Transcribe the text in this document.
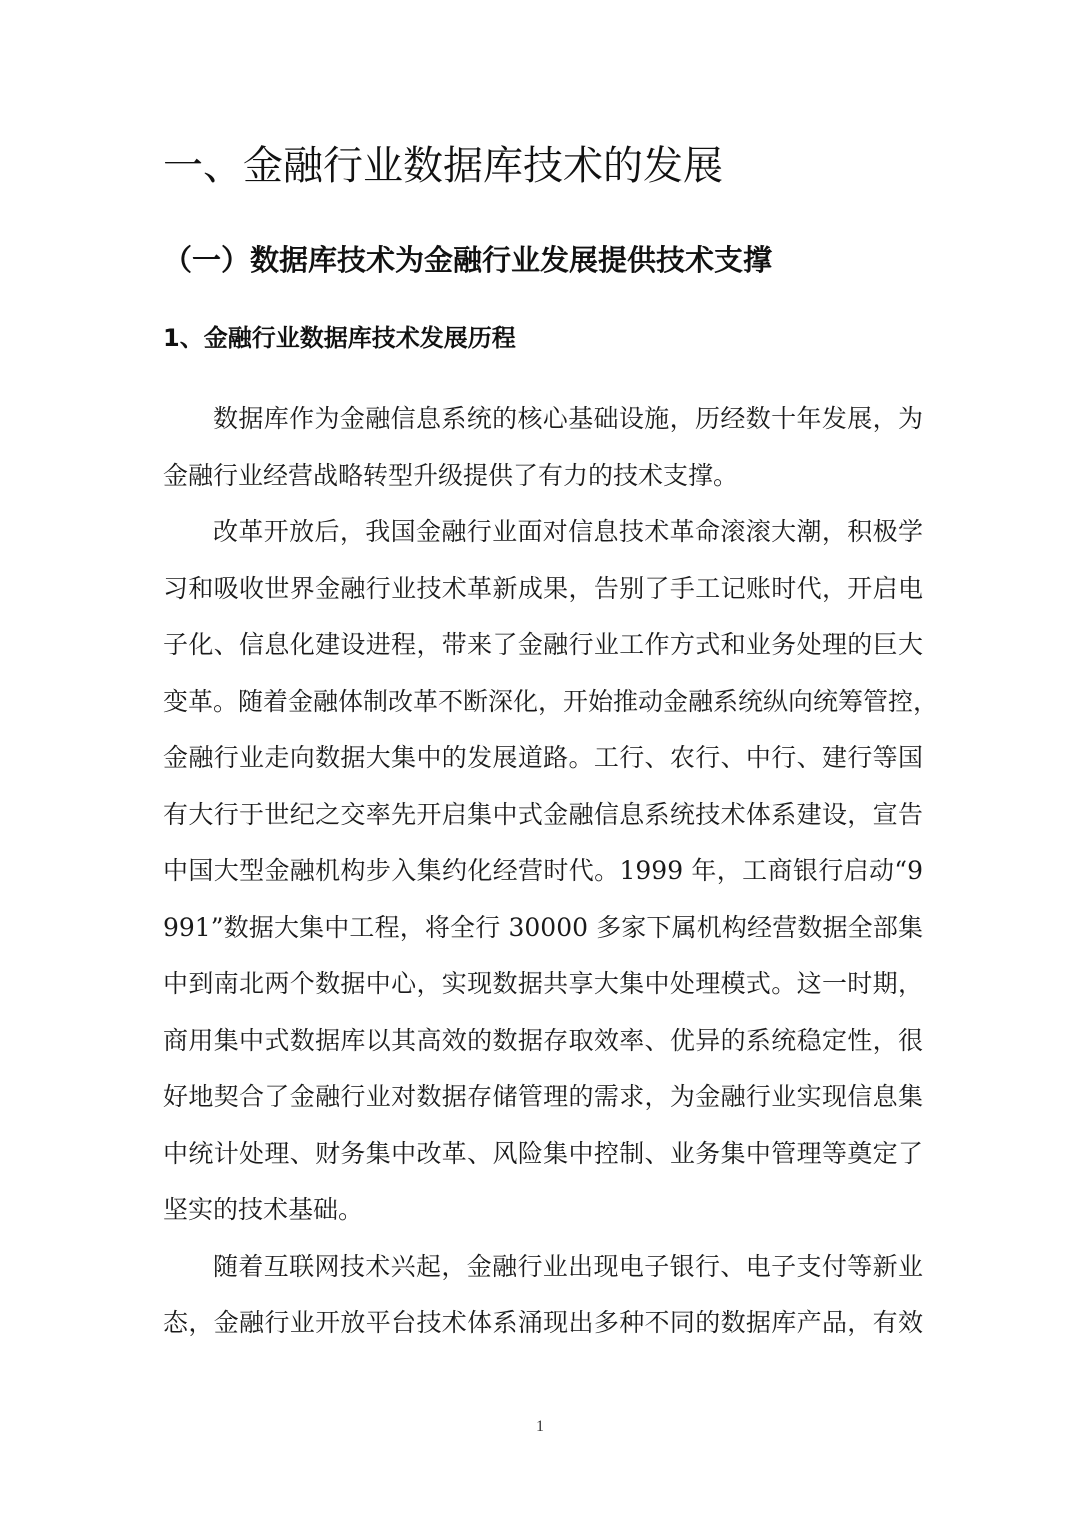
一、金融行业数据库技术的发展
（一）数据库技术为金融行业发展提供技术支撑
1、金融行业数据库技术发展历程
数据库作为金融信息系统的核心基础设施，历经数十年发展，为
金融行业经营战略转型升级提供了有力的技术支撑。
改革开放后，我国金融行业面对信息技术革命滚滚大潮，积极学
习和吸收世界金融行业技术革新成果，告别了手工记账时代，开启电
子化、信息化建设进程，带来了金融行业工作方式和业务处理的巨大
变革。随着金融体制改革不断深化，开始推动金融系统纵向统筹管控，
金融行业走向数据大集中的发展道路。工行、农行、中行、建行等国
有大行于世纪之交率先开启集中式金融信息系统技术体系建设，宣告
中国大型金融机构步入集约化经营时代。1999 年，工商银行启动“9
991”数据大集中工程，将全行 30000 多家下属机构经营数据全部集
中到南北两个数据中心，实现数据共享大集中处理模式。这一时期，
商用集中式数据库以其高效的数据存取效率、优异的系统稳定性，很
好地契合了金融行业对数据存储管理的需求，为金融行业实现信息集
中统计处理、财务集中改革、风险集中控制、业务集中管理等奠定了
坚实的技术基础。
随着互联网技术兴起，金融行业出现电子银行、电子支付等新业
态，金融行业开放平台技术体系涌现出多种不同的数据库产品，有效
1
